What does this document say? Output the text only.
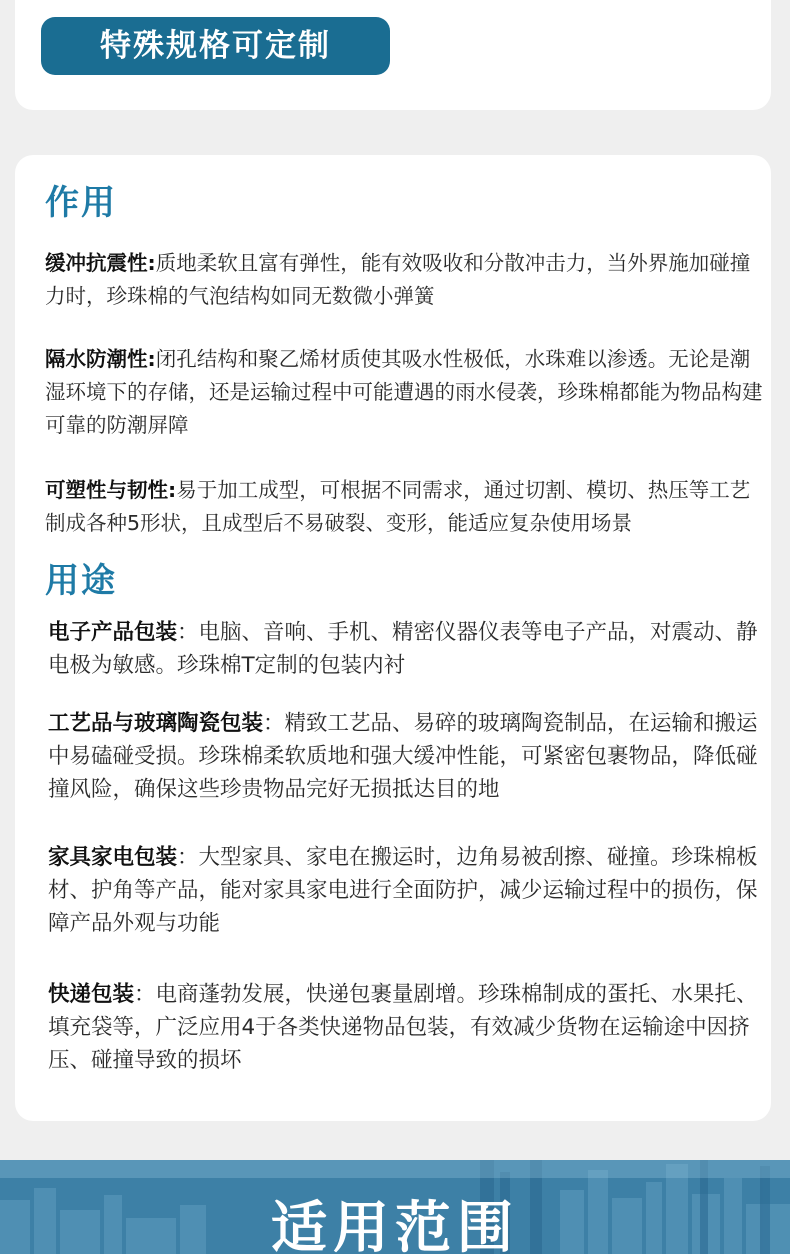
特殊规格可定制
作用

缓冲抗震性:质地柔软且富有弹性，能有效吸收和分散冲击力，当外界施加碰撞力时，珍珠棉的气泡结构如同无数微小弹簧

隔水防潮性:闭孔结构和聚乙烯材质使其吸水性极低，水珠难以渗透。无论是潮湿环境下的存储，还是运输过程中可能遭遇的雨水侵袭，珍珠棉都能为物品构建可靠的防潮屏障

可塑性与韧性:易于加工成型，可根据不同需求，通过切割、模切、热压等工艺制成各种5形状，且成型后不易破裂、变形，能适应复杂使用场景

用途

电子产品包装：电脑、音响、手机、精密仪器仪表等电子产品，对震动、静电极为敏感。珍珠棉T定制的包装内衬

工艺品与玻璃陶瓷包装：精致工艺品、易碎的玻璃陶瓷制品，在运输和搬运中易磕碰受损。珍珠棉柔软质地和强大缓冲性能，可紧密包裹物品，降低碰撞风险，确保这些珍贵物品完好无损抵达目的地

家具家电包装：大型家具、家电在搬运时，边角易被刮擦、碰撞。珍珠棉板材、护角等产品，能对家具家电进行全面防护，减少运输过程中的损伤，保障产品外观与功能

快递包装：电商蓬勃发展，快递包裹量剧增。珍珠棉制成的蛋托、水果托、填充袋等，广泛应用4于各类快递物品包装，有效减少货物在运输途中因挤压、碰撞导致的损坏

适用范围
